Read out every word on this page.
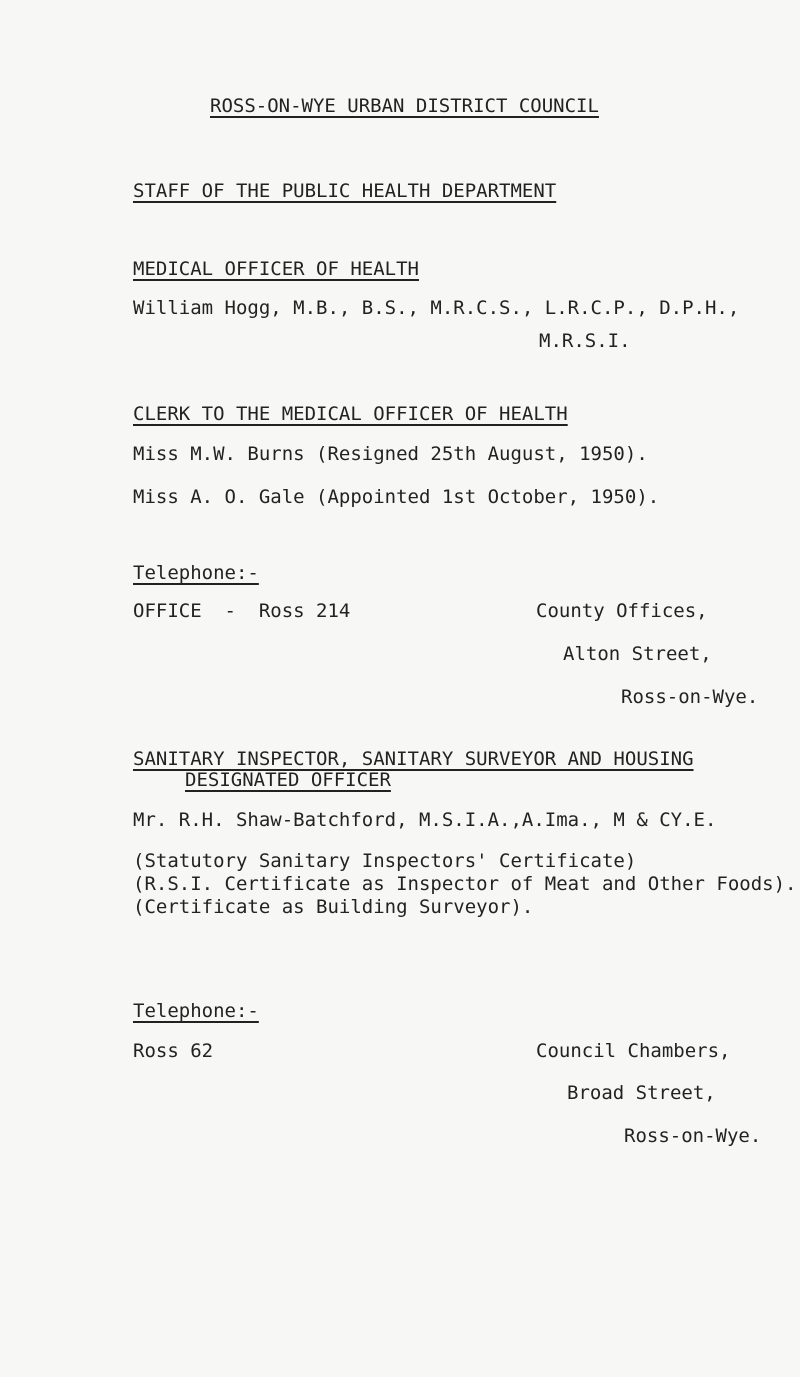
ROSS-ON-WYE URBAN DISTRICT COUNCIL

STAFF OF THE PUBLIC HEALTH DEPARTMENT

MEDICAL OFFICER OF HEALTH

William Hogg, M.B., B.S., M.R.C.S., L.R.C.P., D.P.H.,

M.R.S.I.

CLERK TO THE MEDICAL OFFICER OF HEALTH

Miss M.W. Burns (Resigned 25th August, 1950).

Miss A. O. Gale (Appointed 1st October, 1950).

Telephone:-

OFFICE  -  Ross 214	County Offices,

Alton Street,

Ross-on-Wye.

SANITARY INSPECTOR, SANITARY SURVEYOR AND HOUSING

DESIGNATED OFFICER

Mr. R.H. Shaw-Batchford, M.S.I.A.,A.Ima., M & CY.E.

(Statutory Sanitary Inspectors' Certificate)

(R.S.I. Certificate as Inspector of Meat and Other Foods).

(Certificate as Building Surveyor).

Telephone:-

Ross 62	Council Chambers,

Broad Street,

Ross-on-Wye.
